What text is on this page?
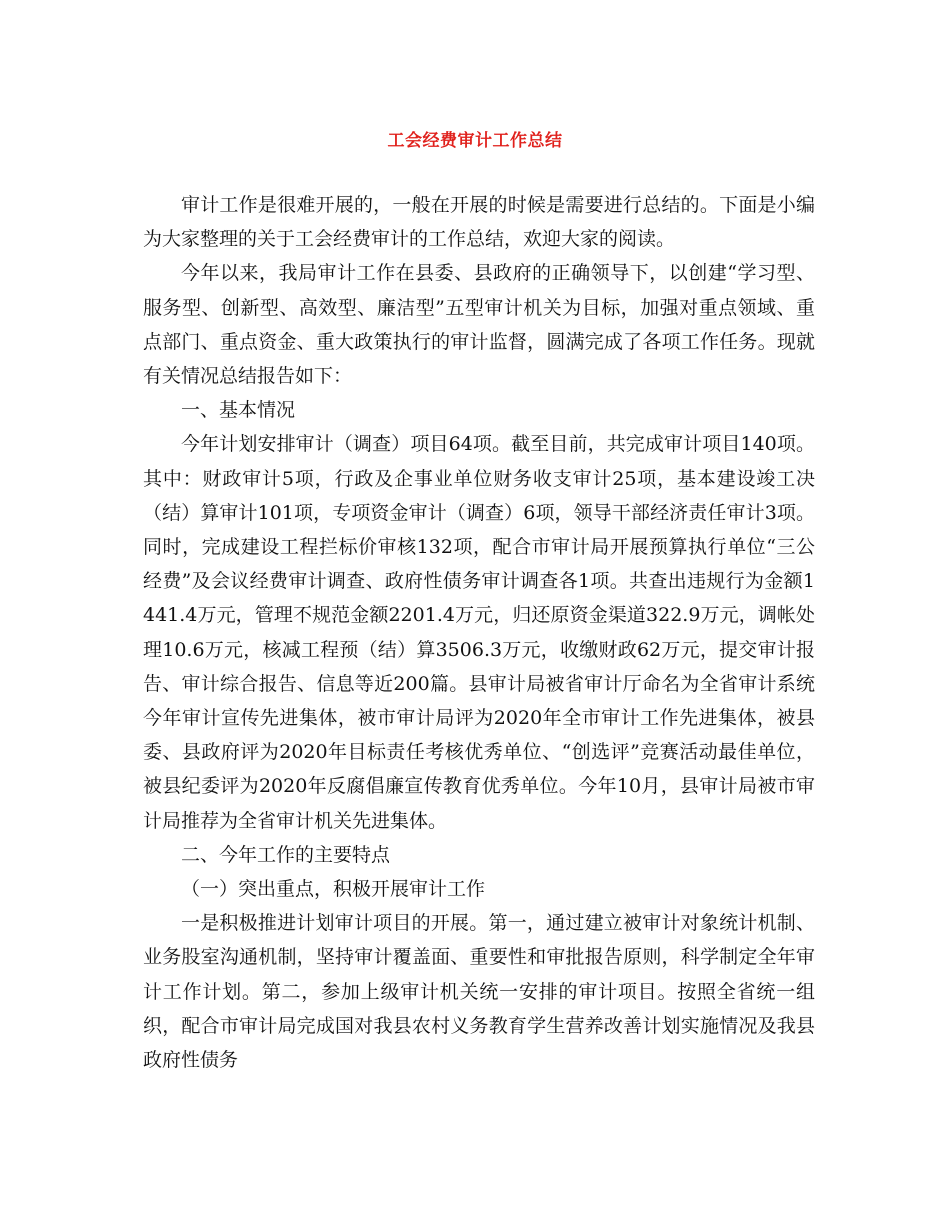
工会经费审计工作总结

审计工作是很难开展的，一般在开展的时候是需要进行总结的。下面是小编为大家整理的关于工会经费审计的工作总结，欢迎大家的阅读。

今年以来，我局审计工作在县委、县政府的正确领导下，以创建“学习型、服务型、创新型、高效型、廉洁型”五型审计机关为目标，加强对重点领域、重点部门、重点资金、重大政策执行的审计监督，圆满完成了各项工作任务。现就有关情况总结报告如下：

一、基本情况

今年计划安排审计（调查）项目64项。截至目前，共完成审计项目140项。其中：财政审计5项，行政及企事业单位财务收支审计25项，基本建设竣工决（结）算审计101项，专项资金审计（调查）6项，领导干部经济责任审计3项。同时，完成建设工程拦标价审核132项，配合市审计局开展预算执行单位“三公经费”及会议经费审计调查、政府性债务审计调查各1项。共查出违规行为金额1441.4万元，管理不规范金额2201.4万元，归还原资金渠道322.9万元，调帐处理10.6万元，核减工程预（结）算3506.3万元，收缴财政62万元，提交审计报告、审计综合报告、信息等近200篇。县审计局被省审计厅命名为全省审计系统今年审计宣传先进集体，被市审计局评为2020年全市审计工作先进集体，被县委、县政府评为2020年目标责任考核优秀单位、“创选评”竞赛活动最佳单位，被县纪委评为2020年反腐倡廉宣传教育优秀单位。今年10月，县审计局被市审计局推荐为全省审计机关先进集体。

二、今年工作的主要特点

（一）突出重点，积极开展审计工作

一是积极推进计划审计项目的开展。第一，通过建立被审计对象统计机制、业务股室沟通机制，坚持审计覆盖面、重要性和审批报告原则，科学制定全年审计工作计划。第二，参加上级审计机关统一安排的审计项目。按照全省统一组织，配合市审计局完成国对我县农村义务教育学生营养改善计划实施情况及我县政府性债务
